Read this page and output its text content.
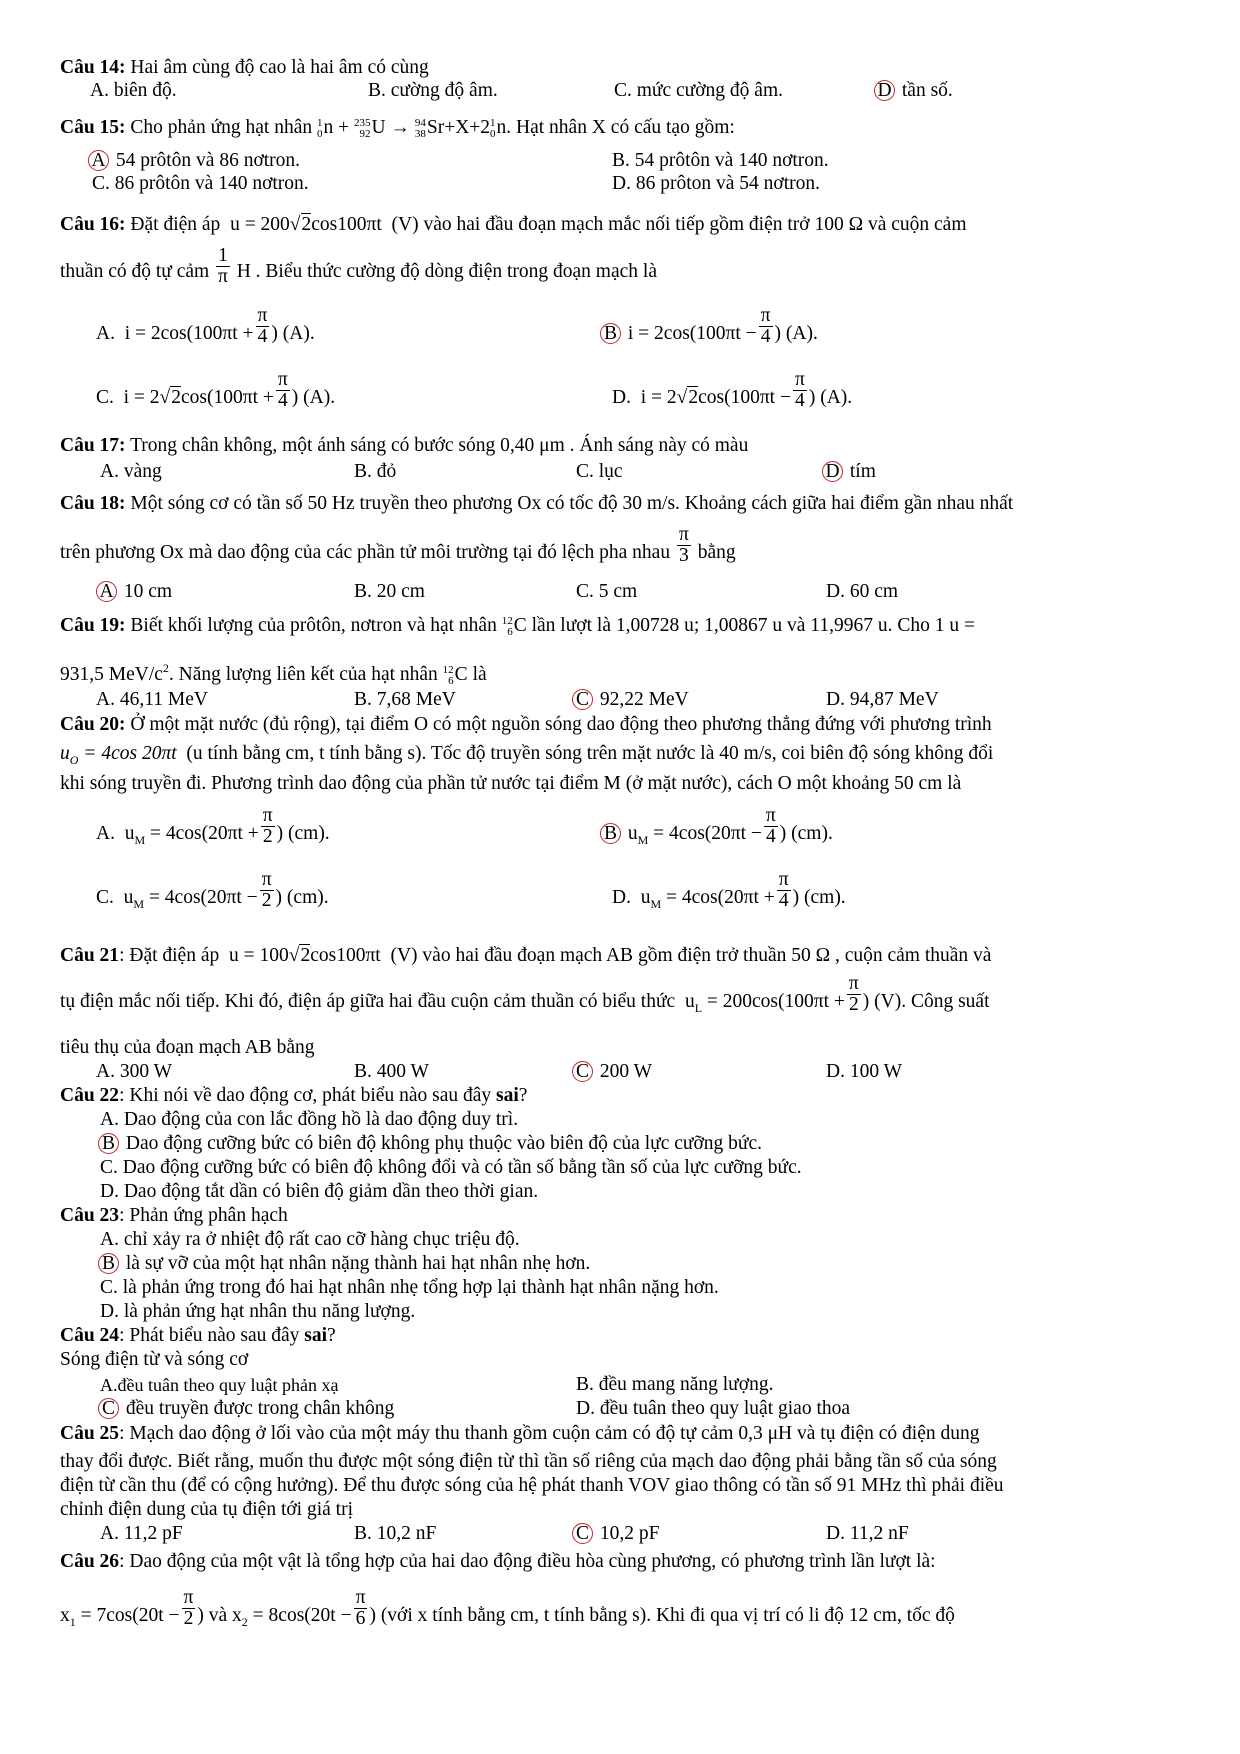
Câu 14: Hai âm cùng độ cao là hai âm có cùng
A. biên độ.	B. cường độ âm.	C. mức cường độ âm.	D tần số.
Câu 15: Cho phản ứng hạt nhân 1
0 n + 235
92 U → 94
38 Sr+X+2 1
0 n. Hạt nhân X có cấu tạo gồm:
A 54 prôtôn và 86 nơtron.	B. 54 prôtôn và 140 nơtron.
C. 86 prôtôn và 140 nơtron.	D. 86 prôton và 54 nơtron.
Câu 16: Đặt điện áp  u = 200√2cos100πt  (V) vào hai đầu đoạn mạch mắc nối tiếp gồm điện trở 100 Ω và cuộn cảm
thuần có độ tự cảm $\frac{1}{\pi}$ H . Biểu thức cường độ dòng điện trong đoạn mạch là
A.  $i = 2\cos(100\pi t + \frac{\pi}{4}$ ) (A).	B $i = 2\cos(100\pi t - \frac{\pi}{4}$ ) (A).
C.  $i = 2√2\cos(100\pi t + \frac{\pi}{4}$ ) (A).	D.  $i = 2√2\cos(100\pi t - \frac{\pi}{4}$ ) (A).
Câu 17: Trong chân không, một ánh sáng có bước sóng 0,40 μm . Ánh sáng này có màu
A. vàng	B. đỏ	C. lục	D tím
Câu 18: Một sóng cơ có tần số 50 Hz truyền theo phương Ox có tốc độ 30 m/s. Khoảng cách giữa hai điểm gần nhau nhất
trên phương Ox mà dao động của các phần tử môi trường tại đó lệch pha nhau $\frac{\pi}{3}$ bằng
A 10 cm	B. 20 cm	C. 5 cm	D. 60 cm
Câu 19: Biết khối lượng của prôtôn, nơtron và hạt nhân 12
6 C lần lượt là 1,00728 u; 1,00867 u và 11,9967 u. Cho 1 u =
931,5 MeV/$c^2$. Năng lượng liên kết của hạt nhân 12
6 C là
A. 46,11 MeV	B. 7,68 MeV	C 92,22 MeV	D. 94,87 MeV
Câu 20: Ở một mặt nước (đủ rộng), tại điểm O có một nguồn sóng dao động theo phương thẳng đứng với phương trình
$u_O = 4\cos$ 20πt  (u tính bằng cm, t tính bằng s). Tốc độ truyền sóng trên mặt nước là 40 m/s, coi biên độ sóng không đổi
khi sóng truyền đi. Phương trình dao động của phần tử nước tại điểm M (ở mặt nước), cách O một khoảng 50 cm là
A.  $u_M = 4\cos(20\pi t + \frac{\pi}{2}$ ) (cm).	B $u_M = 4\cos(20\pi t - \frac{\pi}{4}$ ) (cm).
C.  $u_M = 4\cos(20\pi t - \frac{\pi}{2}$ ) (cm).	D.  $u_M = 4\cos(20\pi t + \frac{\pi}{4}$ ) (cm).
Câu 21: Đặt điện áp  u = 100√2cos100πt  (V) vào hai đầu đoạn mạch AB gồm điện trở thuần 50 Ω , cuộn cảm thuần và
tụ điện mắc nối tiếp. Khi đó, điện áp giữa hai đầu cuộn cảm thuần có biểu thức  $u_L = 200\cos(100\pi t + \frac{\pi}{2}$ ) (V). Công suất
tiêu thụ của đoạn mạch AB bằng
A. 300 W	B. 400 W	C 200 W	D. 100 W
Câu 22: Khi nói về dao động cơ, phát biểu nào sau đây sai?
A. Dao động của con lắc đồng hồ là dao động duy trì.
B Dao động cưỡng bức có biên độ không phụ thuộc vào biên độ của lực cưỡng bức.
C. Dao động cưỡng bức có biên độ không đổi và có tần số bằng tần số của lực cưỡng bức.
D. Dao động tắt dần có biên độ giảm dần theo thời gian.
Câu 23: Phản ứng phân hạch
A. chỉ xảy ra ở nhiệt độ rất cao cỡ hàng chục triệu độ.
B là sự vỡ của một hạt nhân nặng thành hai hạt nhân nhẹ hơn.
C. là phản ứng trong đó hai hạt nhân nhẹ tổng hợp lại thành hạt nhân nặng hơn.
D. là phản ứng hạt nhân thu năng lượng.
Câu 24: Phát biểu nào sau đây sai?
Sóng điện từ và sóng cơ
A.đều tuân theo quy luật phản xạ	B. đều mang năng lượng.
C đều truyền được trong chân không	D. đều tuân theo quy luật giao thoa
Câu 25: Mạch dao động ở lối vào của một máy thu thanh gồm cuộn cảm có độ tự cảm 0,3 μH và tụ điện có điện dung
thay đổi được. Biết rằng, muốn thu được một sóng điện từ thì tần số riêng của mạch dao động phải bằng tần số của sóng
điện từ cần thu (để có cộng hưởng). Để thu được sóng của hệ phát thanh VOV giao thông có tần số 91 MHz thì phải điều
chỉnh điện dung của tụ điện tới giá trị
A. 11,2 pF	B. 10,2 nF	C 10,2 pF	D. 11,2 nF
Câu 26: Dao động của một vật là tổng hợp của hai dao động điều hòa cùng phương, có phương trình lần lượt là:
$x_1 = 7\cos(20t - \frac{\pi}{2}$ ) và $x_2 = 8\cos(20t - \frac{\pi}{6}$ ) (với x tính bằng cm, t tính bằng s). Khi đi qua vị trí có li độ 12 cm, tốc độ
